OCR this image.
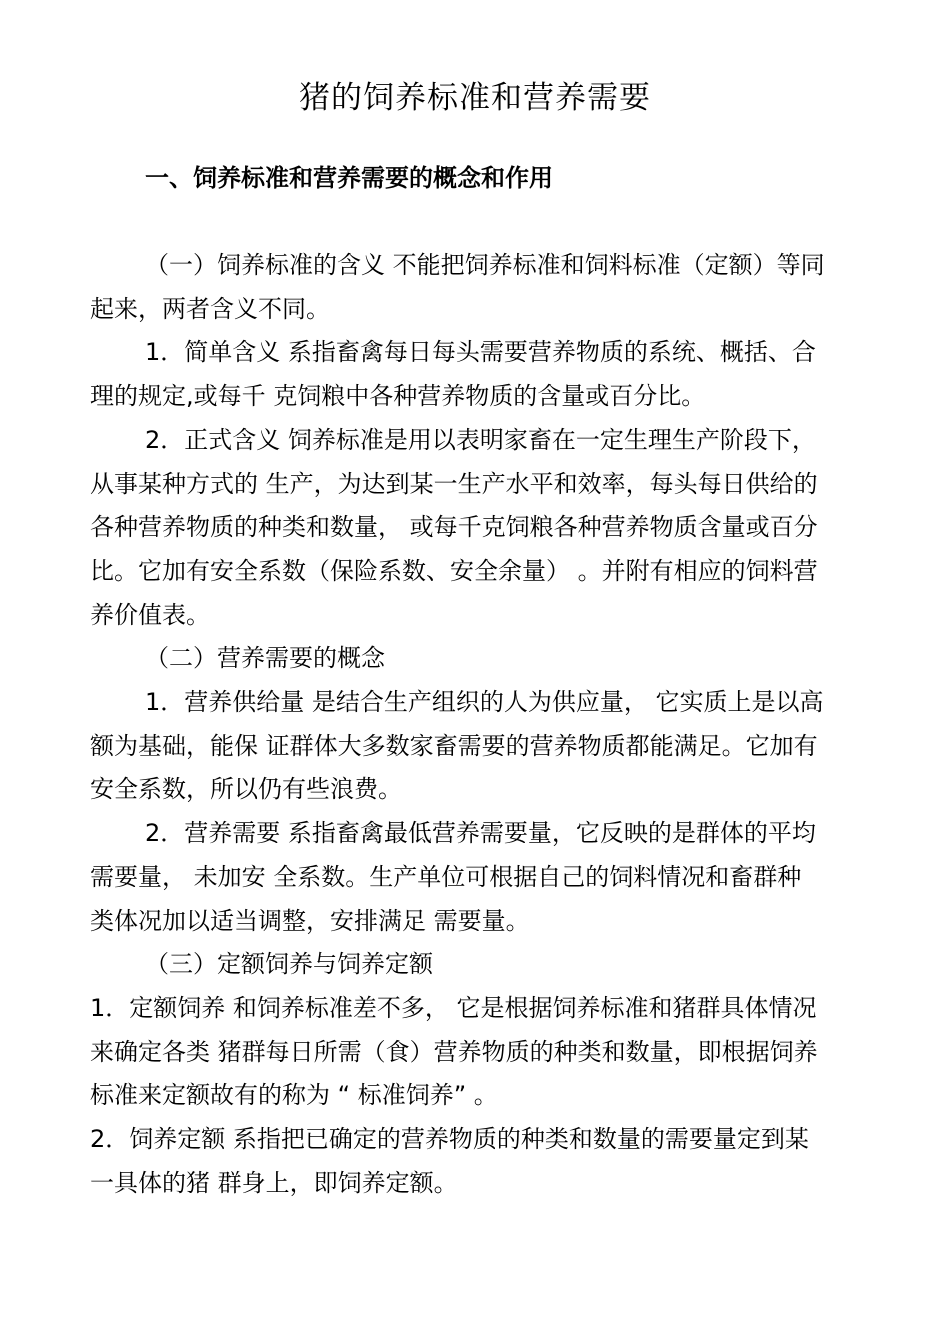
猪的饲养标准和营养需要
一、饲养标准和营养需要的概念和作用

（一）饲养标准的含义 不能把饲养标准和饲料标准（定额）等同

起来，两者含义不同。

1．简单含义 系指畜禽每日每头需要营养物质的系统、概括、合

理的规定,或每千 克饲粮中各种营养物质的含量或百分比。

2．正式含义 饲养标准是用以表明家畜在一定生理生产阶段下，

从事某种方式的 生产，为达到某一生产水平和效率，每头每日供给的

各种营养物质的种类和数量， 或每千克饲粮各种营养物质含量或百分

比。它加有安全系数（保险系数、安全余量） 。并附有相应的饲料营

养价值表。

（二）营养需要的概念

1．营养供给量 是结合生产组织的人为供应量， 它实质上是以高

额为基础，能保 证群体大多数家畜需要的营养物质都能满足。它加有

安全系数，所以仍有些浪费。

2．营养需要 系指畜禽最低营养需要量，它反映的是群体的平均

需要量， 未加安 全系数。生产单位可根据自己的饲料情况和畜群种

类体况加以适当调整，安排满足 需要量。

（三）定额饲养与饲养定额

1．定额饲养 和饲养标准差不多， 它是根据饲养标准和猪群具体情况

来确定各类 猪群每日所需（食）营养物质的种类和数量，即根据饲养

标准来定额故有的称为 “ 标准饲养” 。

2．饲养定额 系指把已确定的营养物质的种类和数量的需要量定到某

一具体的猪 群身上，即饲养定额。
